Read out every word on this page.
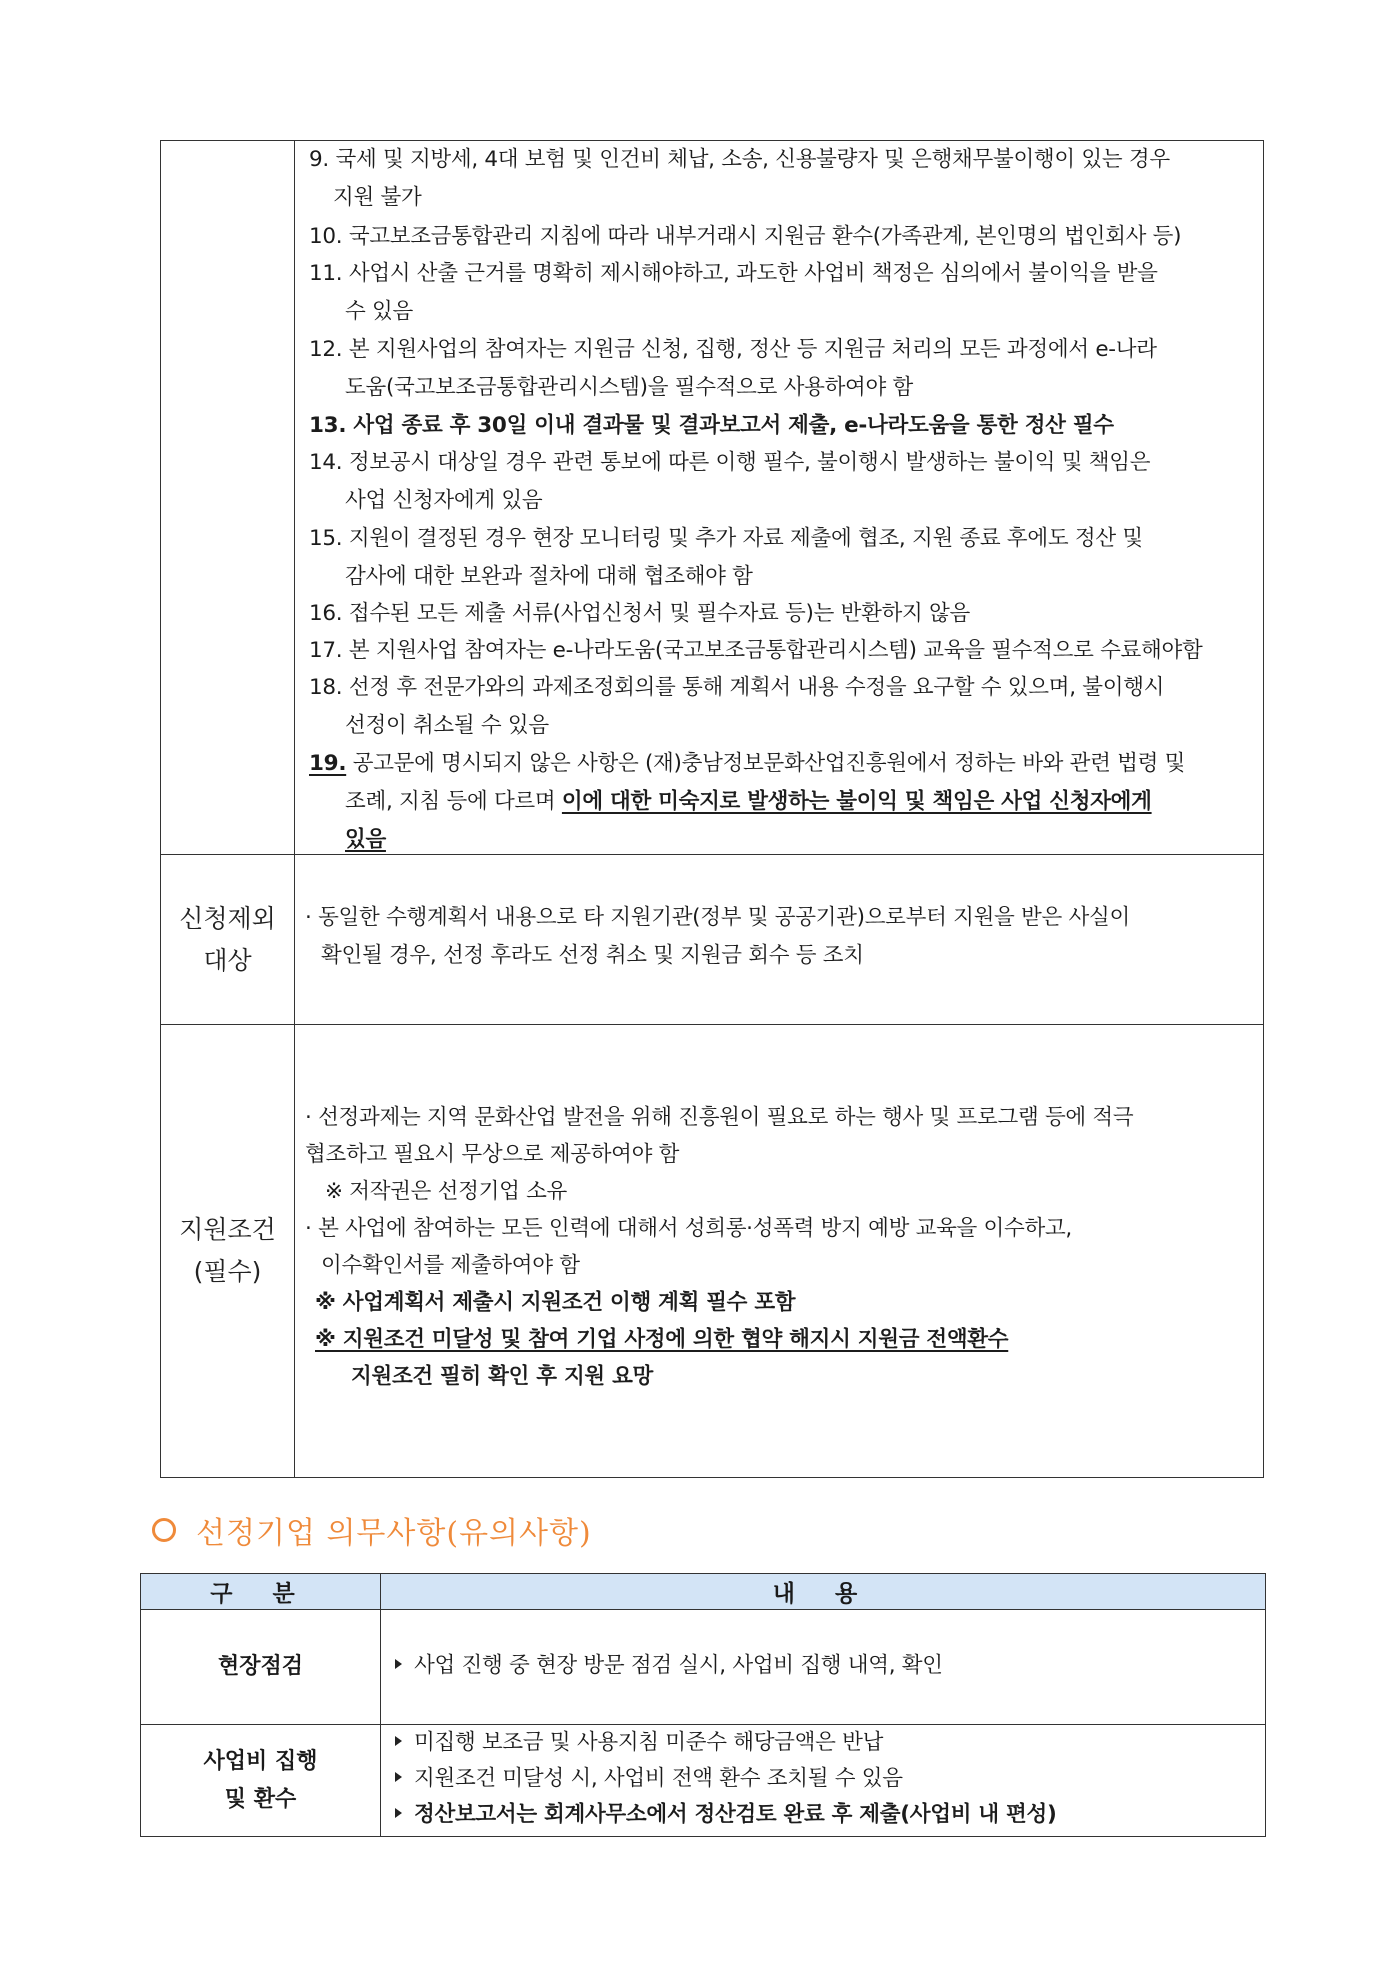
9. 국세 및 지방세, 4대 보험 및 인건비 체납, 소송, 신용불량자 및 은행채무불이행이 있는 경우
지원 불가
10. 국고보조금통합관리 지침에 따라 내부거래시 지원금 환수(가족관계, 본인명의 법인회사 등)
11. 사업시 산출 근거를 명확히 제시해야하고, 과도한 사업비 책정은 심의에서 불이익을 받을
수 있음
12. 본 지원사업의 참여자는 지원금 신청, 집행, 정산 등 지원금 처리의 모든 과정에서 e-나라
도움(국고보조금통합관리시스템)을 필수적으로 사용하여야 함
13. 사업 종료 후 30일 이내 결과물 및 결과보고서 제출, e-나라도움을 통한 정산 필수
14. 정보공시 대상일 경우 관련 통보에 따른 이행 필수, 불이행시 발생하는 불이익 및 책임은
사업 신청자에게 있음
15. 지원이 결정된 경우 현장 모니터링 및 추가 자료 제출에 협조, 지원 종료 후에도 정산 및
감사에 대한 보완과 절차에 대해 협조해야 함
16. 접수된 모든 제출 서류(사업신청서 및 필수자료 등)는 반환하지 않음
17. 본 지원사업 참여자는 e-나라도움(국고보조금통합관리시스템) 교육을 필수적으로 수료해야함
18. 선정 후 전문가와의 과제조정회의를 통해 계획서 내용 수정을 요구할 수 있으며, 불이행시
선정이 취소될 수 있음
19. 공고문에 명시되지 않은 사항은 (재)충남정보문화산업진흥원에서 정하는 바와 관련 법령 및
조례, 지침 등에 다르며 이에 대한 미숙지로 발생하는 불이익 및 책임은 사업 신청자에게
있음
신청제외
대상
· 동일한 수행계획서 내용으로 타 지원기관(정부 및 공공기관)으로부터 지원을 받은 사실이
확인될 경우, 선정 후라도 선정 취소 및 지원금 회수 등 조치
지원조건
(필수)
· 선정과제는 지역 문화산업 발전을 위해 진흥원이 필요로 하는 행사 및 프로그램 등에 적극
협조하고 필요시 무상으로 제공하여야 함
※ 저작권은 선정기업 소유
· 본 사업에 참여하는 모든 인력에 대해서 성희롱·성폭력 방지 예방 교육을 이수하고,
이수확인서를 제출하여야 함
※ 사업계획서 제출시 지원조건 이행 계획 필수 포함
※ 지원조건 미달성 및 참여 기업 사정에 의한 협약 해지시 지원금 전액환수
지원조건 필히 확인 후 지원 요망
선정기업 의무사항(유의사항)
구 분	내 용
현장점검	사업 진행 중 현장 방문 점검 실시, 사업비 집행 내역, 확인
사업비 집행
및 환수
미집행 보조금 및 사용지침 미준수 해당금액은 반납
지원조건 미달성 시, 사업비 전액 환수 조치될 수 있음
정산보고서는 회계사무소에서 정산검토 완료 후 제출(사업비 내 편성)
